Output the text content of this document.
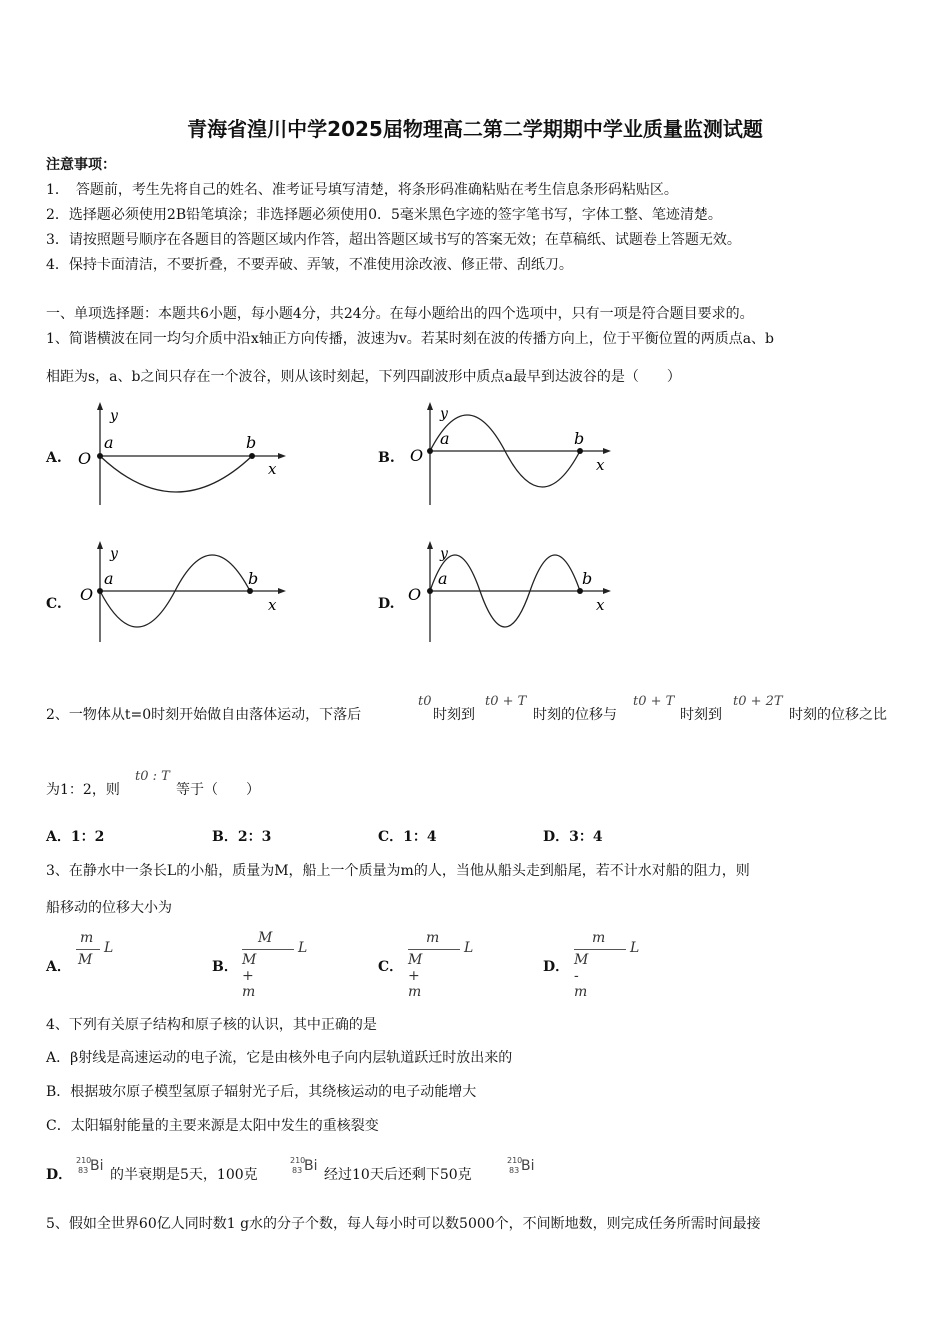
青海省湟川中学2025届物理高二第二学期期中学业质量监测试题
注意事项：
1．　答题前，考生先将自己的姓名、准考证号填写清楚，将条形码准确粘贴在考生信息条形码粘贴区。
2．选择题必须使用2B铅笔填涂；非选择题必须使用0．5毫米黑色字迹的签字笔书写，字体工整、笔迹清楚。
3．请按照题号顺序在各题目的答题区域内作答，超出答题区域书写的答案无效；在草稿纸、试题卷上答题无效。
4．保持卡面清洁，不要折叠，不要弄破、弄皱，不准使用涂改液、修正带、刮纸刀。
一、单项选择题：本题共6小题，每小题4分，共24分。在每小题给出的四个选项中，只有一项是符合题目要求的。
1、简谐横波在同一均匀介质中沿x轴正方向传播，波速为v。若某时刻在波的传播方向上，位于平衡位置的两质点a、b
相距为s，a、b之间只存在一个波谷，则从该时刻起，下列四副波形中质点a最早到达波谷的是（　　）
A.	B.
C.	D.
y
a
O
b
x
y
a
O
b
x
y
a
O
b
x
y
a
O
b
x
2、一物体从t=0时刻开始做自由落体运动，下落后
t0
时刻到
t0 + T
时刻的位移与
t0 + T
时刻到
t0 + 2T
时刻的位移之比
为1：2，则
t0 : T
等于（　　）
A．1：2	B．2：3	C．1：4	D．3：4
3、在静水中一条长L的小船，质量为M，船上一个质量为m的人，当他从船头走到船尾，若不计水对船的阻力，则
船移动的位移大小为
A．
m
M
L
B．
M
M + m
L
C．
m
M + m
L
D．
m
M - m
L
4、下列有关原子结构和原子核的认识，其中正确的是
A．β射线是高速运动的电子流，它是由核外电子向内层轨道跃迁时放出来的
B．根据玻尔原子模型氢原子辐射光子后，其绕核运动的电子动能增大
C．太阳辐射能量的主要来源是太阳中发生的重核裂变
D．
210
83 Bi
的半衰期是5天，100克
210
83 Bi
经过10天后还剩下50克
210
83 Bi
5、假如全世界60亿人同时数1 g水的分子个数，每人每小时可以数5000个，不间断地数，则完成任务所需时间最接
